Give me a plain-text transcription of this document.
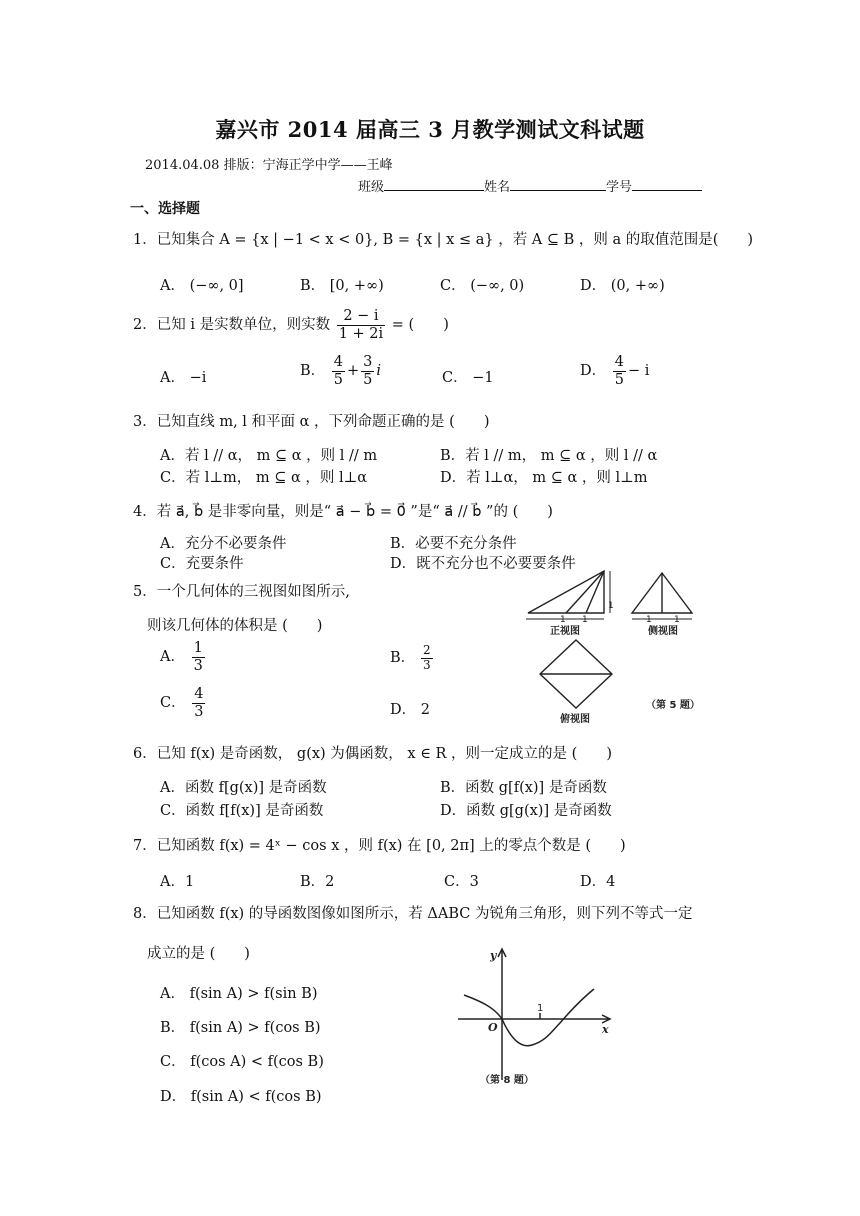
嘉兴市 2014 届高三 3 月教学测试文科试题
2014.04.08 排版：宁海正学中学——王峰
班级	姓名	学号
一、选择题
1．已知集合 A = {x | −1 < x < 0}, B = {x | x ≤ a} ，若 A ⊆ B ，则 a 的取值范围是(　　)
A． (−∞, 0]	B． [0, +∞)	C． (−∞, 0)	D． (0, +∞)
2．已知 i 是实数单位，则实数 $\frac{2 - i}{1 + 2i}$ = (　　)
A． −i	B． $\frac{4}{5} + \frac{3}{5}$ i	C． −1	D． $\frac{4}{5} - i$
3．已知直线 m, l 和平面 α ，下列命题正确的是 (　　)
A．若 l // α， m ⊆ α ，则 l // m	B．若 l // m， m ⊆ α ，则 l // α
C．若 l⊥m， m ⊆ α ，则 l⊥α	D．若 l⊥α， m ⊆ α ，则 l⊥m
4．若 a⃗, b⃗ 是非零向量，则是“ a⃗ − b⃗ = 0⃗ ”是“ a⃗ // b⃗ ”的 (　　)
A．充分不必要条件	B．必要不充分条件
C．充要条件	D．既不充分也不必要要条件
5．一个几何体的三视图如图所示,
则该几何体的体积是 (　　)
A． $\frac{1}{3}$	B． $\frac{2}{3}$
C． $\frac{4}{3}$	D． 2
1
1 1	1 1
正视图	侧视图
俯视图
（第 5 题）
6．已知 f(x) 是奇函数， g(x) 为偶函数， x ∈ R ，则一定成立的是 (　　)
A．函数 f[g(x)] 是奇函数	B．函数 g[f(x)] 是奇函数
C．函数 f[f(x)] 是奇函数	D．函数 g[g(x)] 是奇函数
7．已知函数 f(x) = 4ˣ − cos x ，则 f(x) 在 [0, 2π] 上的零点个数是 (　　)
A．1	B．2	C．3	D．4
8．已知函数 f(x) 的导函数图像如图所示，若 ΔABC 为锐角三角形，则下列不等式一定
成立的是 (　　)
A． f(sin A) > f(sin B)
B． f(sin A) > f(cos B)
C． f(cos A) < f(cos B)
D． f(sin A) < f(cos B)
y
x
O
1
（第 8 题）
